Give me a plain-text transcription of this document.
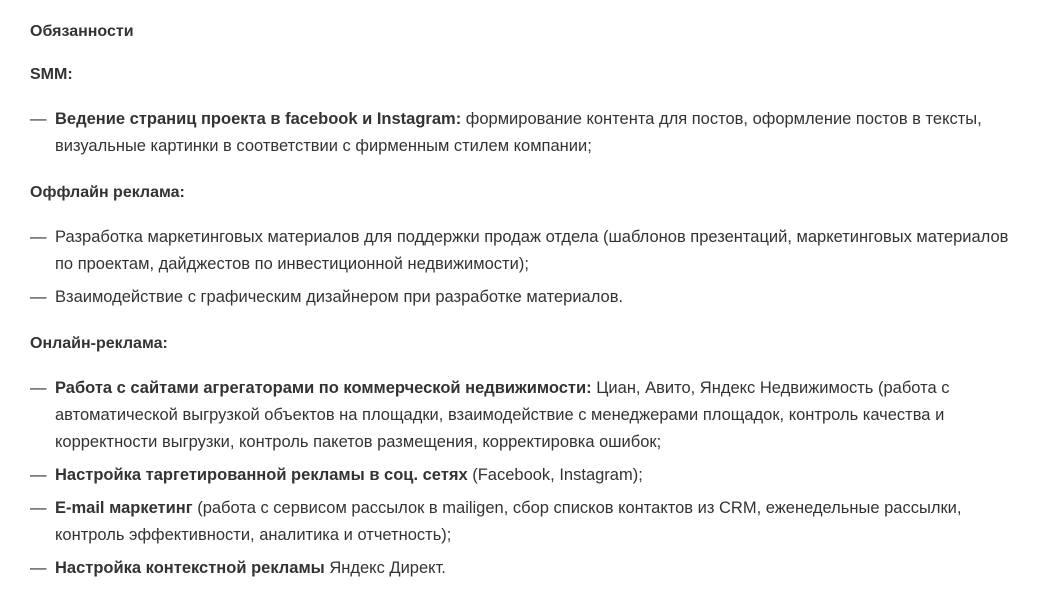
Обязанности

SMM:

— Ведение страниц проекта в facebook и Instagram: формирование контента для постов, оформление постов в тексты, визуальные картинки в соответствии с фирменным стилем компании;

Оффлайн реклама:

— Разработка маркетинговых материалов для поддержки продаж отдела (шаблонов презентаций, маркетинговых материалов по проектам, дайджестов по инвестиционной недвижимости);
— Взаимодействие с графическим дизайнером при разработке материалов.

Онлайн-реклама:

— Работа с сайтами агрегаторами по коммерческой недвижимости: Циан, Авито, Яндекс Недвижимость (работа с автоматической выгрузкой объектов на площадки, взаимодействие с менеджерами площадок, контроль качества и корректности выгрузки, контроль пакетов размещения, корректировка ошибок;
— Настройка таргетированной рекламы в соц. сетях (Facebook, Instagram);
— E-mail маркетинг (работа с сервисом рассылок в mailigen, сбор списков контактов из CRM, еженедельные рассылки, контроль эффективности, аналитика и отчетность);
— Настройка контекстной рекламы Яндекс Директ.
